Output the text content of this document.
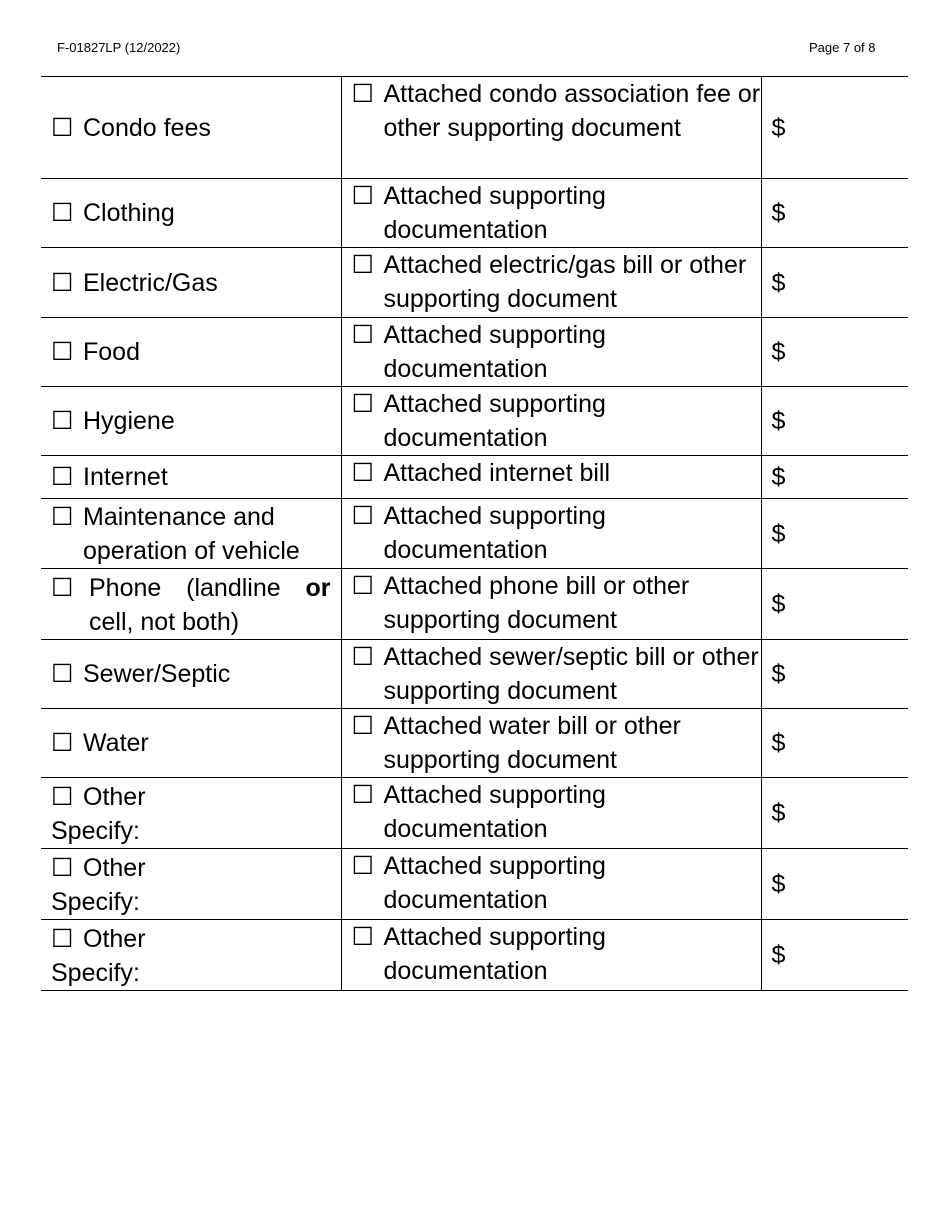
F-01827LP (12/2022)	Page 7 of 8
☐ Condo fees	☐ Attached condo association fee or other supporting document	$

☐ Clothing	☐ Attached supporting documentation	$

☐ Electric/Gas	☐ Attached electric/gas bill or other supporting document	$

☐ Food	☐ Attached supporting documentation	$

☐ Hygiene	☐ Attached supporting documentation	$

☐ Internet	☐ Attached internet bill	$

☐ Maintenance and operation of vehicle	☐ Attached supporting documentation	$

☐ Phone (landline or
cell, not both)	☐ Attached phone bill or other supporting document	$

☐ Sewer/Septic	☐ Attached sewer/septic bill or other supporting document	$

☐ Water	☐ Attached water bill or other supporting document	$

☐ Other
Specify:	☐ Attached supporting documentation	$

☐ Other
Specify:	☐ Attached supporting documentation	$

☐ Other
Specify:	☐ Attached supporting documentation	$
